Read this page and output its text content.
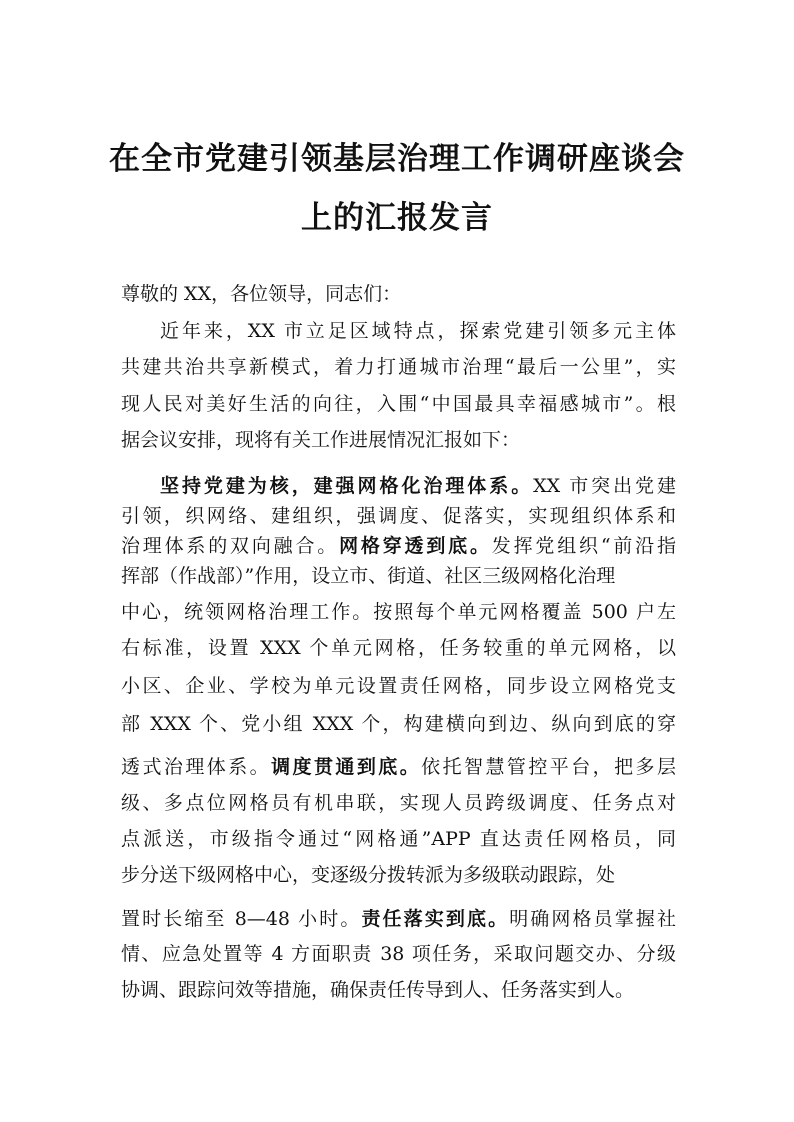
在全市党建引领基层治理工作调研座谈会
上的汇报发言
尊敬的 XX，各位领导，同志们：
近年来，XX 市立足区域特点，探索党建引领多元主体
共建共治共享新模式，着力打通城市治理“最后一公里”，实
现人民对美好生活的向往，入围“中国最具幸福感城市”。根
据会议安排，现将有关工作进展情况汇报如下：
坚持党建为核，建强网格化治理体系。XX 市突出党建
引领，织网络、建组织，强调度、促落实，实现组织体系和
治理体系的双向融合。网格穿透到底。发挥党组织“前沿指
挥部（作战部）”作用，设立市、街道、社区三级网格化治理
中心，统领网格治理工作。按照每个单元网格覆盖 500 户左
右标准，设置 XXX 个单元网格，任务较重的单元网格，以
小区、企业、学校为单元设置责任网格，同步设立网格党支
部 XXX 个、党小组 XXX 个，构建横向到边、纵向到底的穿
透式治理体系。调度贯通到底。依托智慧管控平台，把多层
级、多点位网格员有机串联，实现人员跨级调度、任务点对
点派送，市级指令通过“网格通”APP 直达责任网格员，同
步分送下级网格中心，变逐级分拨转派为多级联动跟踪，处
置时长缩至 8—48 小时。责任落实到底。明确网格员掌握社
情、应急处置等 4 方面职责 38 项任务，采取问题交办、分级
协调、跟踪问效等措施，确保责任传导到人、任务落实到人。
